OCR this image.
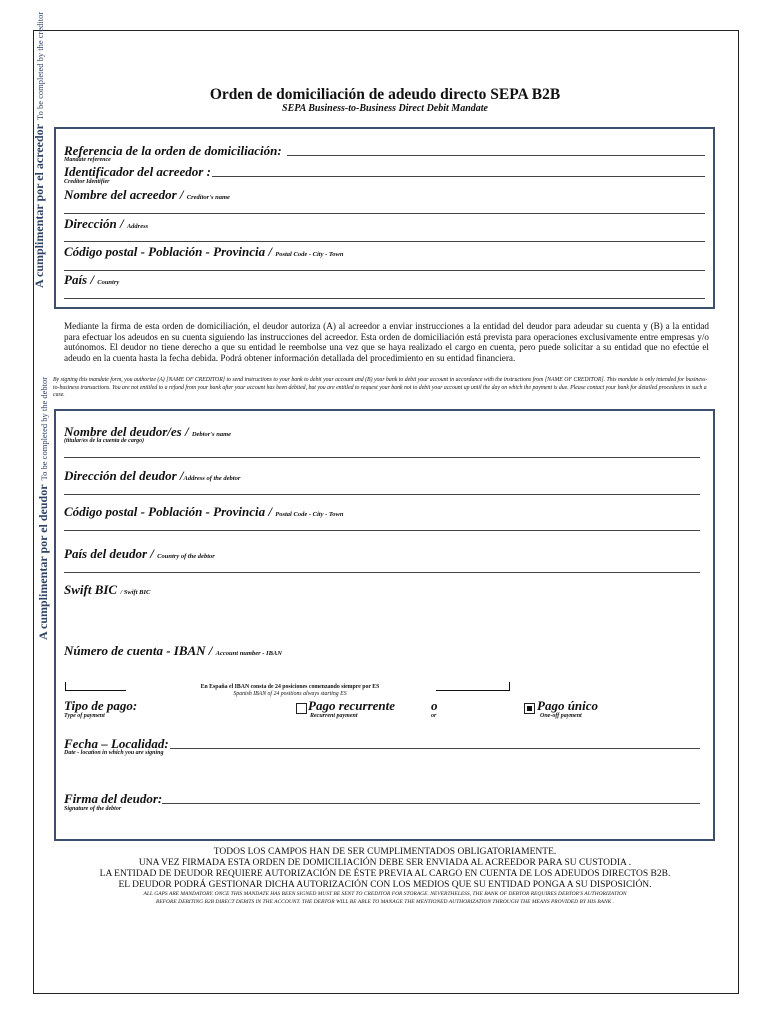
Orden de domiciliación de adeudo directo SEPA B2B
SEPA Business-to-Business Direct Debit Mandate
A cumplimentar por el acreedorTo be completed by the creditor
Referencia de la orden de domiciliación:
Mandate reference
Identificador del acreedor :
Creditor Identifier
Nombre del acreedor / Creditor's name
Dirección / Address
Código postal - Población - Provincia / Postal Code - City - Town
País / Country
Mediante la firma de esta orden de domiciliación, el deudor autoriza (A) al acreedor a enviar instrucciones a la entidad del deudor para adeudar su cuenta y (B) a la entidad para efectuar los adeudos en su cuenta siguiendo las instrucciones del acreedor. Esta orden de domiciliación está prevista para operaciones exclusivamente entre empresas y/o autónomos. El deudor no tiene derecho a que su entidad le reembolse una vez que se haya realizado el cargo en cuenta, pero puede solicitar a su entidad que no efectúe el adeudo en la cuenta hasta la fecha debida. Podrá obtener información detallada del procedimiento en su entidad financiera.
By signing this mandate form, you authorize (A) [NAME OF CREDITOR] to send instructions to your bank to debit your account and (B) your bank to debit your account in accordance with the instructions from [NAME OF CREDITOR]. This mandate is only intended for business-to-business transactions. You are not entitled to a refund from your bank after your account has been debited, but you are entitled to request your bank not to debit your account up until the day on which the payment is due. Please contact your bank for detailed procedures in such a case.
A cumplimentar por el deudorTo be completed by the debtor Nombre del deudor/es / Debtor's name
(titular/es de la cuenta de cargo)
Dirección del deudor /Address of the debtor
Código postal - Población - Provincia / Postal Code - City - Town
País del deudor / Country of the debtor
Swift BIC / Swift BIC
Número de cuenta - IBAN / Account number - IBAN
En España el IBAN consta de 24 posiciones comenzando siempre por ES
Spanish IBAN of 24 positions always starting ES
Tipo de pago:
Type of payment
Pago recurrente
Recurrent payment
o
or
Pago único
One-off payment
Fecha – Localidad:
Date - location in which you are signing
Firma del deudor:
Signature of the debtor
TODOS LOS CAMPOS HAN DE SER CUMPLIMENTADOS OBLIGATORIAMENTE.
UNA VEZ FIRMADA ESTA ORDEN DE DOMICILIACIÓN DEBE SER ENVIADA AL ACREEDOR PARA SU CUSTODIA .
LA ENTIDAD DE DEUDOR REQUIERE AUTORIZACIÓN DE ÉSTE PREVIA AL CARGO EN CUENTA DE LOS ADEUDOS DIRECTOS B2B.
EL DEUDOR PODRÁ GESTIONAR DICHA AUTORIZACIÓN CON LOS MEDIOS QUE SU ENTIDAD PONGA A SU DISPOSICIÓN.
ALL GAPS ARE MANDATORY. ONCE THIS MANDATE HAS BEEN SIGNED MUST BE SENT TO CREDITOR FOR STORAGE. NEVERTHELESS, THE BANK OF DEBTOR REQUIRES DEBTOR'S AUTHORIZATION
BEFORE DEBITING B2B DIRECT DEBITS IN THE ACCOUNT. THE DEBTOR WILL BE ABLE TO MANAGE THE MENTIONED AUTHORIZATION THROUGH THE MEANS PROVIDED BY HIS BANK .
